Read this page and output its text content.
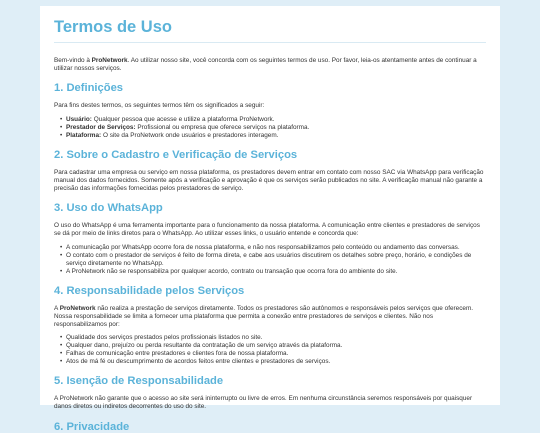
Termos de Uso

Bem-vindo à ProNetwork. Ao utilizar nosso site, você concorda com os seguintes termos de uso. Por favor, leia-os atentamente antes de continuar a utilizar nossos serviços.

1. Definições

Para fins destes termos, os seguintes termos têm os significados a seguir:

• Usuário: Qualquer pessoa que acesse e utilize a plataforma ProNetwork.
• Prestador de Serviços: Profissional ou empresa que oferece serviços na plataforma.
• Plataforma: O site da ProNetwork onde usuários e prestadores interagem.
2. Sobre o Cadastro e Verificação de Serviços

Para cadastrar uma empresa ou serviço em nossa plataforma, os prestadores devem entrar em contato com nosso SAC via WhatsApp para verificação manual dos dados fornecidos. Somente após a verificação e aprovação é que os serviços serão publicados no site. A verificação manual não garante a precisão das informações fornecidas pelos prestadores de serviço.

3. Uso do WhatsApp

O uso do WhatsApp é uma ferramenta importante para o funcionamento da nossa plataforma. A comunicação entre clientes e prestadores de serviços se dá por meio de links diretos para o WhatsApp. Ao utilizar esses links, o usuário entende e concorda que:

• A comunicação por WhatsApp ocorre fora de nossa plataforma, e não nos responsabilizamos pelo conteúdo ou andamento das conversas.
• O contato com o prestador de serviços é feito de forma direta, e cabe aos usuários discutirem os detalhes sobre preço, horário, e condições de serviço diretamente no WhatsApp.
• A ProNetwork não se responsabiliza por qualquer acordo, contrato ou transação que ocorra fora do ambiente do site.
4. Responsabilidade pelos Serviços

A ProNetwork não realiza a prestação de serviços diretamente. Todos os prestadores são autônomos e responsáveis pelos serviços que oferecem. Nossa responsabilidade se limita a fornecer uma plataforma que permita a conexão entre prestadores de serviços e clientes. Não nos responsabilizamos por:

• Qualidade dos serviços prestados pelos profissionais listados no site.
• Qualquer dano, prejuízo ou perda resultante da contratação de um serviço através da plataforma.
• Falhas de comunicação entre prestadores e clientes fora de nossa plataforma.
• Atos de má fé ou descumprimento de acordos feitos entre clientes e prestadores de serviços.
5. Isenção de Responsabilidade

A ProNetwork não garante que o acesso ao site será ininterrupto ou livre de erros. Em nenhuma circunstância seremos responsáveis por quaisquer danos diretos ou indiretos decorrentes do uso do site.

6. Privacidade
